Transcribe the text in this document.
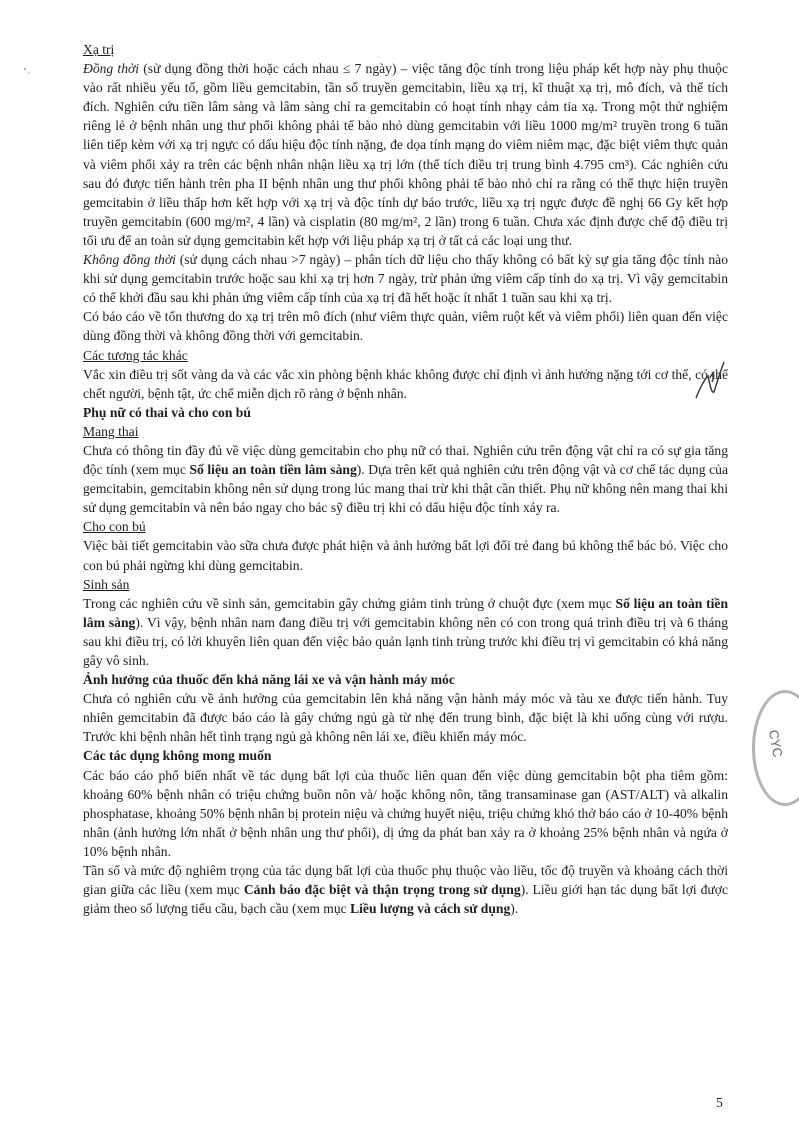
Xạ trị

Đồng thời (sử dụng đồng thời hoặc cách nhau ≤ 7 ngày) – việc tăng độc tính trong liệu pháp kết hợp này phụ thuộc vào rất nhiều yếu tố, gồm liều gemcitabin, tần số truyền gemcitabin, liều xạ trị, kĩ thuật xạ trị, mô đích, và thể tích đích. Nghiên cứu tiền lâm sàng và lâm sàng chỉ ra gemcitabin có hoạt tính nhạy cảm tia xạ. Trong một thử nghiệm riêng lẻ ở bệnh nhân ung thư phổi không phải tế bào nhỏ dùng gemcitabin với liều 1000 mg/m² truyền trong 6 tuần liên tiếp kèm với xạ trị ngực có dấu hiệu độc tính nặng, đe dọa tính mạng do viêm niêm mạc, đặc biệt viêm thực quản và viêm phổi xảy ra trên các bệnh nhân nhận liều xạ trị lớn (thể tích điều trị trung bình 4.795 cm³). Các nghiên cứu sau đó được tiến hành trên pha II bệnh nhân ung thư phổi không phải tế bào nhỏ chỉ ra rằng có thể thực hiện truyền gemcitabin ở liều thấp hơn kết hợp với xạ trị và độc tính dự báo trước, liều xạ trị ngực được đề nghị 66 Gy kết hợp truyền gemcitabin (600 mg/m², 4 lần) và cisplatin (80 mg/m², 2 lần) trong 6 tuần. Chưa xác định được chế độ điều trị tối ưu để an toàn sử dụng gemcitabin kết hợp với liệu pháp xạ trị ở tất cả các loại ung thư.

Không đồng thời (sử dụng cách nhau >7 ngày) – phân tích dữ liệu cho thấy không có bất kỳ sự gia tăng độc tính nào khi sử dụng gemcitabin trước hoặc sau khi xạ trị hơn 7 ngày, trừ phản ứng viêm cấp tính do xạ trị. Vì vậy gemcitabin có thể khởi đầu sau khi phản ứng viêm cấp tính của xạ trị đã hết hoặc ít nhất 1 tuần sau khi xạ trị.

Có báo cáo về tổn thương do xạ trị trên mô đích (như viêm thực quản, viêm ruột kết và viêm phổi) liên quan đến việc dùng đồng thời và không đồng thời với gemcitabin.

Các tương tác khác

Vắc xin điều trị sốt vàng da và các vắc xin phòng bệnh khác không được chỉ định vì ảnh hưởng nặng tới cơ thể, có thể chết người, bệnh tật, ức chế miễn dịch rõ ràng ở bệnh nhân.

Phụ nữ có thai và cho con bú

Mang thai

Chưa có thông tin đầy đủ về việc dùng gemcitabin cho phụ nữ có thai. Nghiên cứu trên động vật chỉ ra có sự gia tăng độc tính (xem mục Số liệu an toàn tiền lâm sàng). Dựa trên kết quả nghiên cứu trên động vật và cơ chế tác dụng của gemcitabin, gemcitabin không nên sử dụng trong lúc mang thai trừ khi thật cần thiết. Phụ nữ không nên mang thai khi sử dụng gemcitabin và nên báo ngay cho bác sỹ điều trị khi có dấu hiệu độc tính xảy ra.

Cho con bú

Việc bài tiết gemcitabin vào sữa chưa được phát hiện và ảnh hưởng bất lợi đối trẻ đang bú không thể bác bỏ. Việc cho con bú phải ngừng khi dùng gemcitabin.

Sinh sản

Trong các nghiên cứu về sinh sản, gemcitabin gây chứng giảm tinh trùng ở chuột đực (xem mục Số liệu an toàn tiền lâm sàng). Vì vậy, bệnh nhân nam đang điều trị với gemcitabin không nên có con trong quá trình điều trị và 6 tháng sau khi điều trị, có lời khuyên liên quan đến việc bảo quản lạnh tinh trùng trước khi điều trị vì gemcitabin có khả năng gây vô sinh.

Ảnh hưởng của thuốc đến khả năng lái xe và vận hành máy móc

Chưa có nghiên cứu về ảnh hưởng của gemcitabin lên khả năng vận hành máy móc và tàu xe được tiến hành. Tuy nhiên gemcitabin đã được báo cáo là gây chứng ngủ gà từ nhẹ đến trung bình, đặc biệt là khi uống cùng với rượu. Trước khi bệnh nhân hết tình trạng ngủ gà không nên lái xe, điều khiển máy móc.

Các tác dụng không mong muốn

Các báo cáo phổ biến nhất về tác dụng bất lợi của thuốc liên quan đến việc dùng gemcitabin bột pha tiêm gồm: khoảng 60% bệnh nhân có triệu chứng buồn nôn và/ hoặc không nôn, tăng transaminase gan (AST/ALT) và alkalin phosphatase, khoảng 50% bệnh nhân bị protein niệu và chứng huyết niệu, triệu chứng khó thở báo cáo ở 10-40% bệnh nhân (ảnh hưởng lớn nhất ở bệnh nhân ung thư phổi), dị ứng da phát ban xảy ra ở khoảng 25% bệnh nhân và ngứa ở 10% bệnh nhân.

Tần số và mức độ nghiêm trọng của tác dụng bất lợi của thuốc phụ thuộc vào liều, tốc độ truyền và khoảng cách thời gian giữa các liều (xem mục Cảnh báo đặc biệt và thận trọng trong sử dụng). Liều giới hạn tác dụng bất lợi được giảm theo số lượng tiểu cầu, bạch cầu (xem mục Liều lượng và cách sử dụng).

5
CYC
